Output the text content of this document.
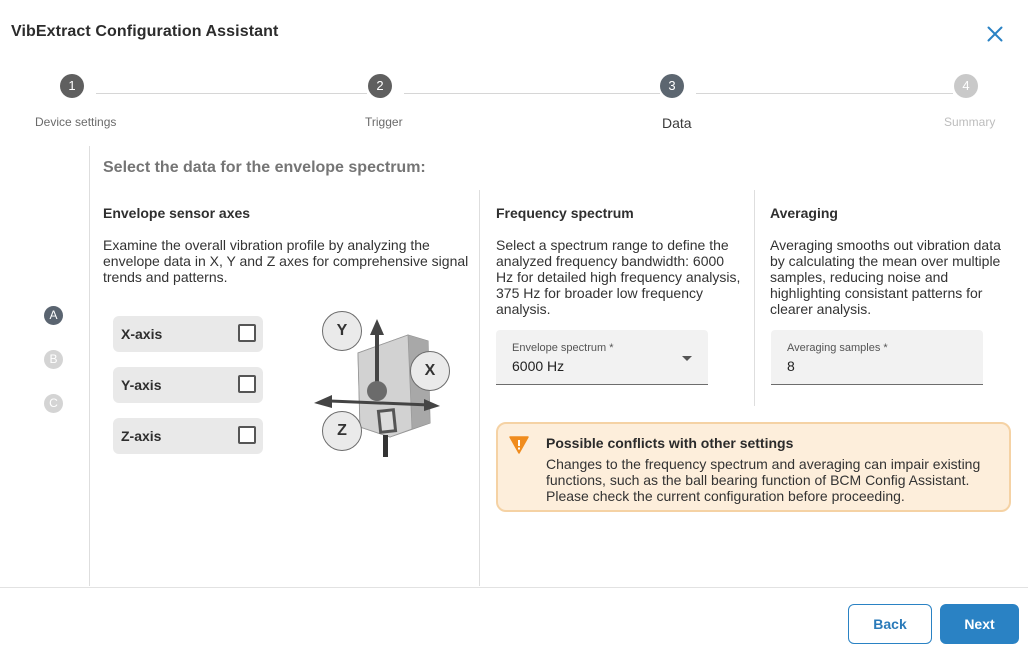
VibExtract Configuration Assistant
1
Device settings
2
Trigger
3
Data
4
Summary
A
B
C
Select the data for the envelope spectrum:
Envelope sensor axes
Examine the overall vibration profile by analyzing the envelope data in X, Y and Z axes for comprehensive signal trends and patterns.
X-axis
Y-axis
Z-axis
Y
X
Z
Frequency spectrum
Select a spectrum range to define the analyzed frequency bandwidth: 6000 Hz for detailed high frequency analysis, 375 Hz for broader low frequency analysis.
Envelope spectrum *
6000 Hz
Averaging
Averaging smooths out vibration data by calculating the mean over multiple samples, reducing noise and highlighting consistant patterns for clearer analysis.
Averaging samples *
8
Possible conflicts with other settings
Changes to the frequency spectrum and averaging can impair existing functions, such as the ball bearing function of BCM Config Assistant. Please check the current configuration before proceeding.
Back	Next
